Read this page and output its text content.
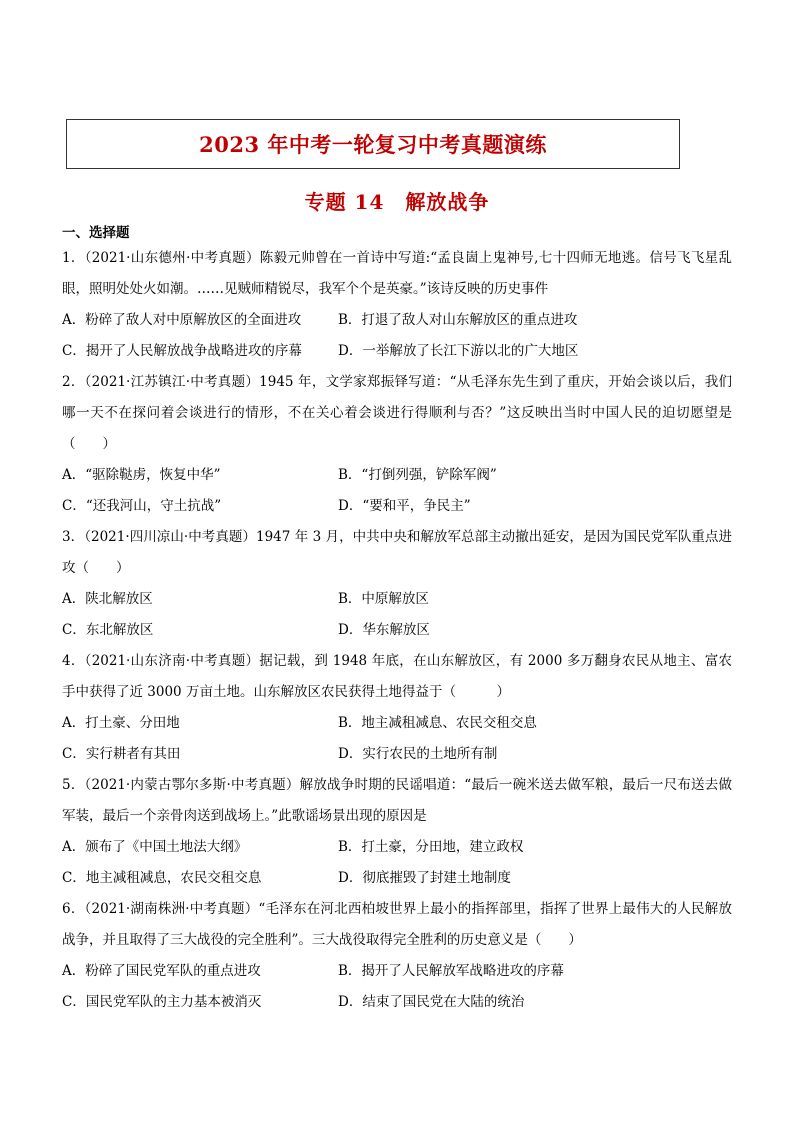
2023 年中考一轮复习中考真题演练
专题 14　解放战争
一、选择题

1．（2021·山东德州·中考真题）陈毅元帅曾在一首诗中写道:“孟良崮上鬼神号,七十四师无地逃。信号飞飞星乱眼，照明处处火如潮。……见贼师精锐尽，我军个个是英豪。”该诗反映的历史事件

A．粉碎了敌人对中原解放区的全面进攻	B．打退了敌人对山东解放区的重点进攻
C．揭开了人民解放战争战略进攻的序幕	D．一举解放了长江下游以北的广大地区

2．（2021·江苏镇江·中考真题）1945 年，文学家郑振铎写道：“从毛泽东先生到了重庆，开始会谈以后，我们哪一天不在探问着会谈进行的情形，不在关心着会谈进行得顺利与否？”这反映出当时中国人民的迫切愿望是（　　）

A．“驱除鞑虏，恢复中华”	B．“打倒列强，铲除军阀”
C．“还我河山，守土抗战”	D．“要和平，争民主”

3．（2021·四川凉山·中考真题）1947 年 3 月，中共中央和解放军总部主动撤出延安，是因为国民党军队重点进攻（　　）

A．陕北解放区	B．中原解放区
C．东北解放区	D．华东解放区

4．（2021·山东济南·中考真题）据记载，到 1948 年底，在山东解放区，有 2000 多万翻身农民从地主、富农手中获得了近 3000 万亩土地。山东解放区农民获得土地得益于（　　　）

A．打土豪、分田地	B．地主减租减息、农民交租交息
C．实行耕者有其田	D．实行农民的土地所有制

5．（2021·内蒙古鄂尔多斯·中考真题）解放战争时期的民谣唱道：“最后一碗米送去做军粮，最后一尺布送去做军装，最后一个亲骨肉送到战场上。”此歌谣场景出现的原因是

A．颁布了《中国土地法大纲》	B．打土豪，分田地，建立政权
C．地主减租减息，农民交租交息	D．彻底摧毁了封建土地制度

6．（2021·湖南株洲·中考真题）“毛泽东在河北西柏坡世界上最小的指挥部里，指挥了世界上最伟大的人民解放战争，并且取得了三大战役的完全胜利”。三大战役取得完全胜利的历史意义是（　　）

A．粉碎了国民党军队的重点进攻	B．揭开了人民解放军战略进攻的序幕
C．国民党军队的主力基本被消灭	D．结束了国民党在大陆的统治
